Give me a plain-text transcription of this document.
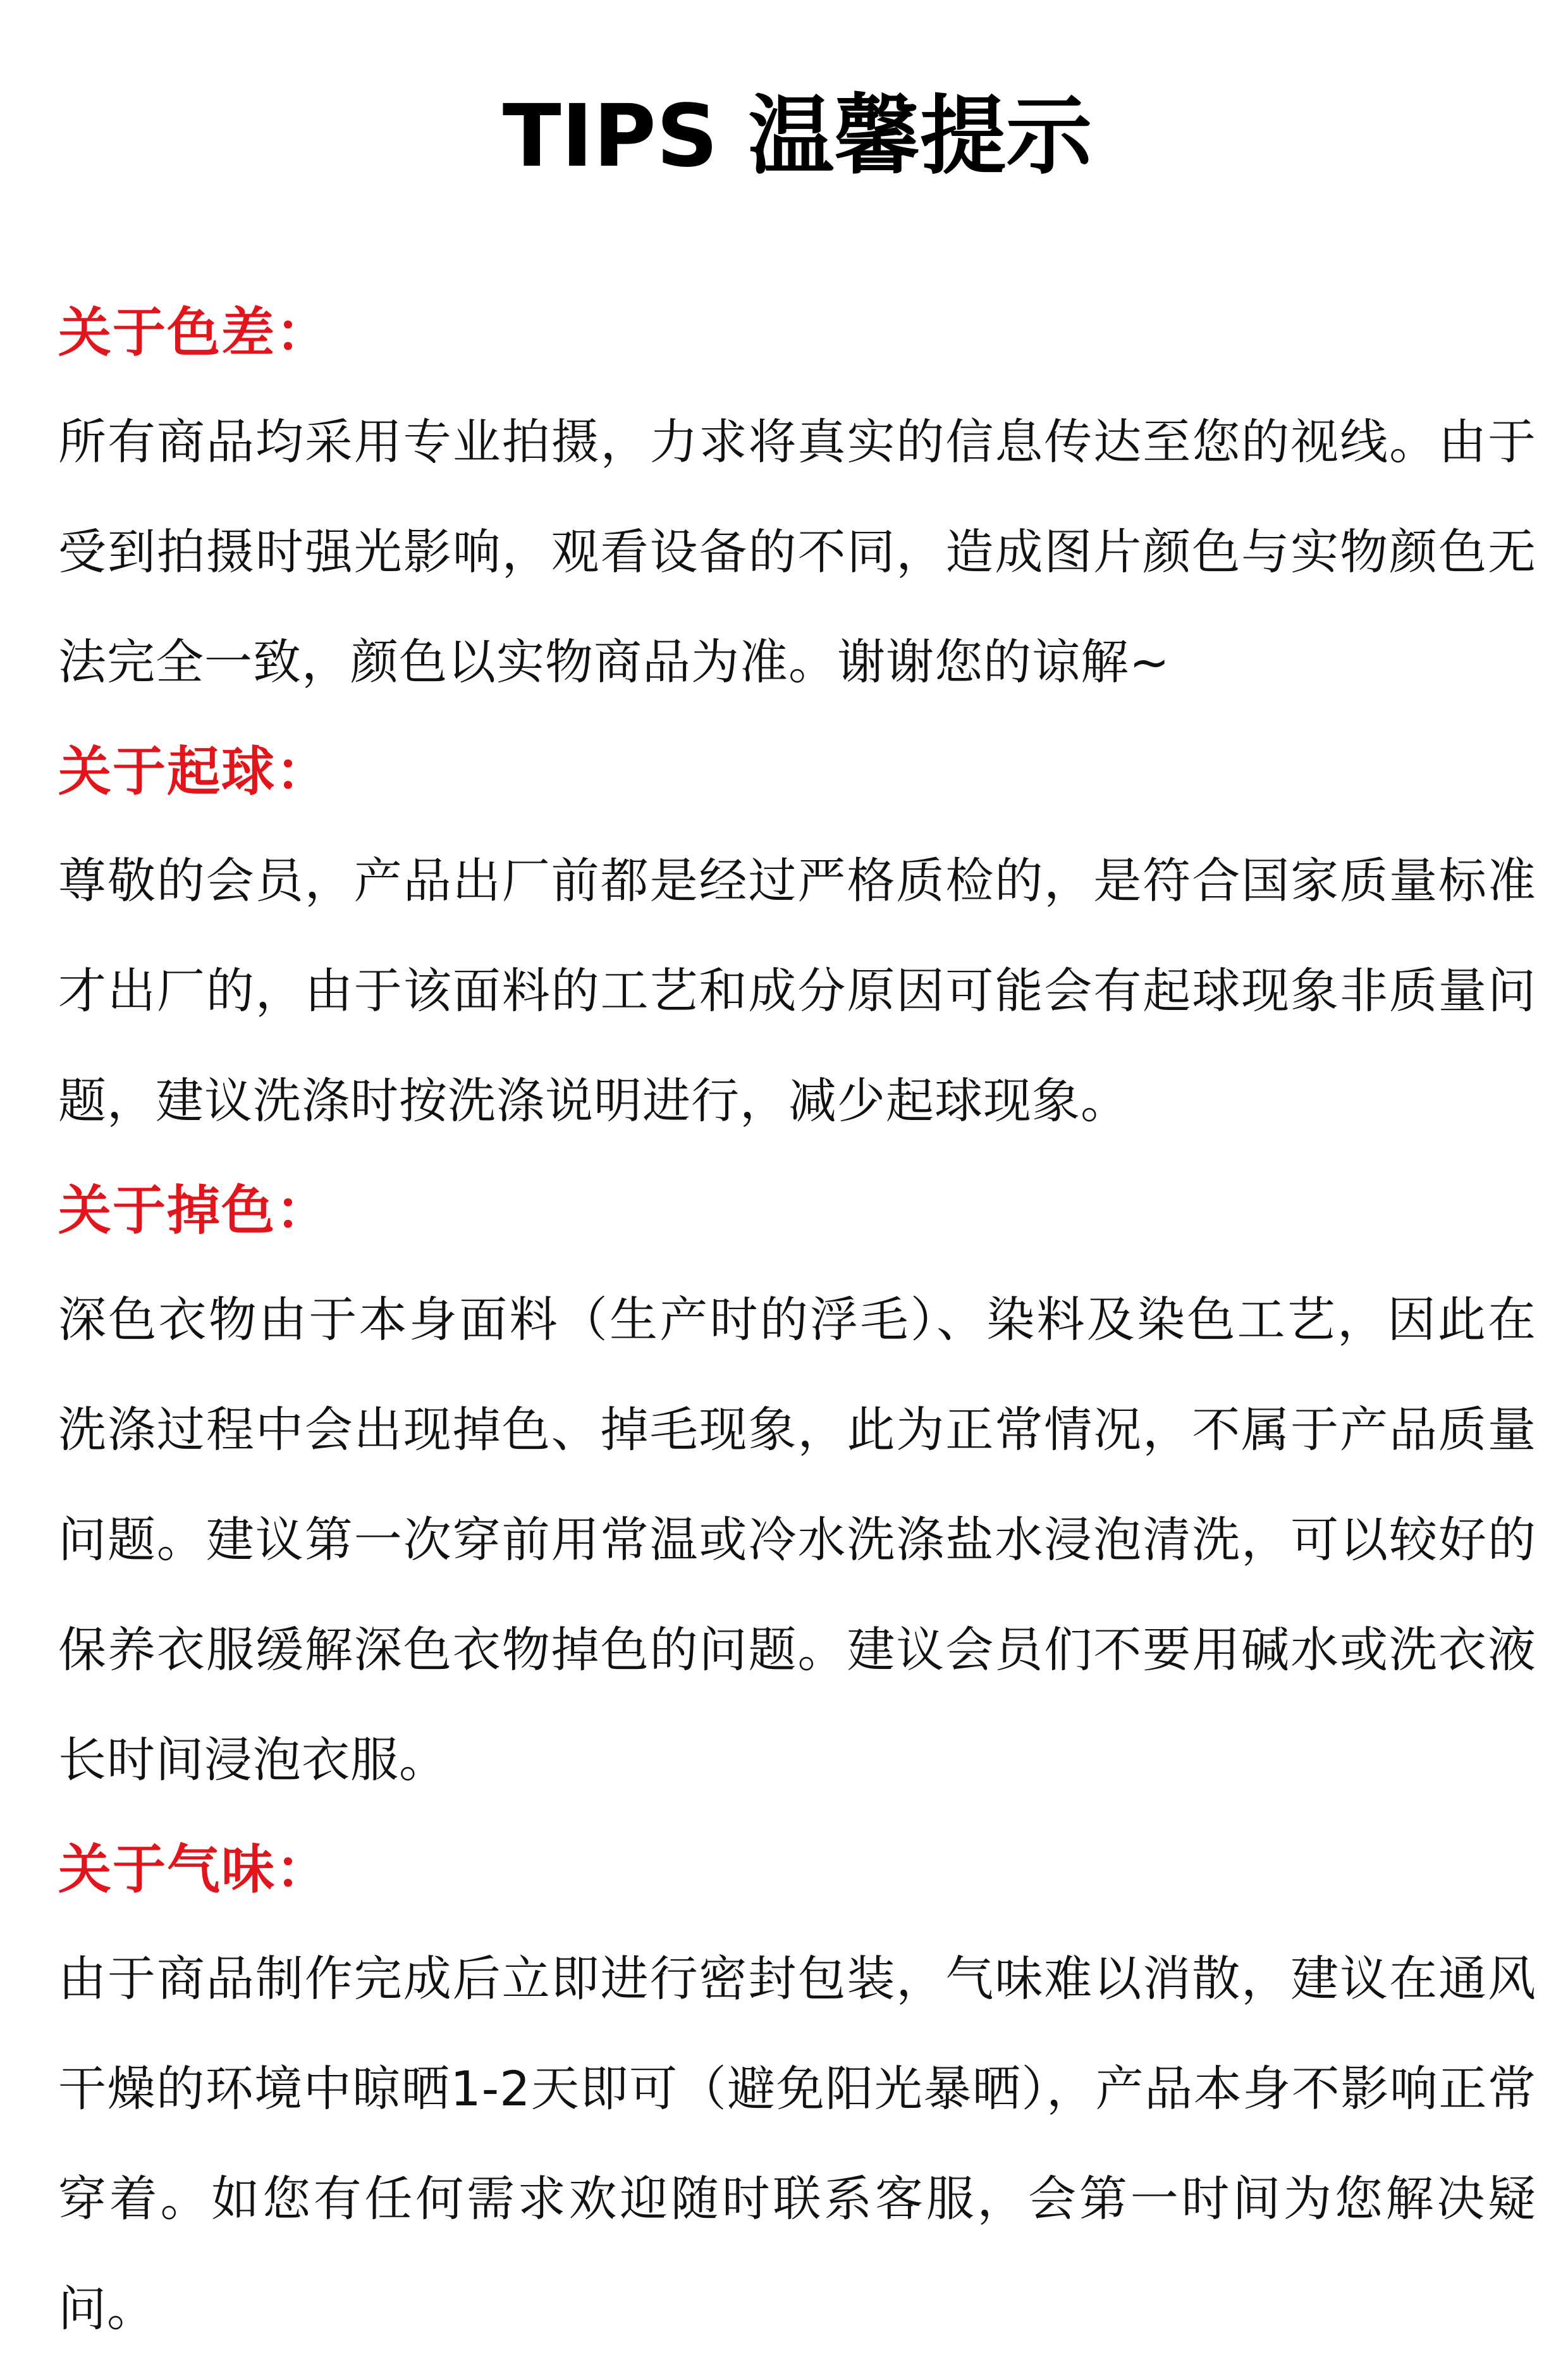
TIPS 温馨提示
关于色差：

所有商品均采用专业拍摄，力求将真实的信息传达至您的视线。由于受到拍摄时强光影响，观看设备的不同，造成图片颜色与实物颜色无法完全一致，颜色以实物商品为准。谢谢您的谅解~

关于起球：

尊敬的会员，产品出厂前都是经过严格质检的，是符合国家质量标准才出厂的，由于该面料的工艺和成分原因可能会有起球现象非质量问题，建议洗涤时按洗涤说明进行，减少起球现象。

关于掉色：

深色衣物由于本身面料（生产时的浮毛）、染料及染色工艺，因此在洗涤过程中会出现掉色、掉毛现象，此为正常情况，不属于产品质量问题。建议第一次穿前用常温或冷水洗涤盐水浸泡清洗，可以较好的保养衣服缓解深色衣物掉色的问题。建议会员们不要用碱水或洗衣液长时间浸泡衣服。

关于气味：

由于商品制作完成后立即进行密封包装，气味难以消散，建议在通风干燥的环境中晾晒1-2天即可（避免阳光暴晒），产品本身不影响正常穿着。如您有任何需求欢迎随时联系客服，会第一时间为您解决疑问。
